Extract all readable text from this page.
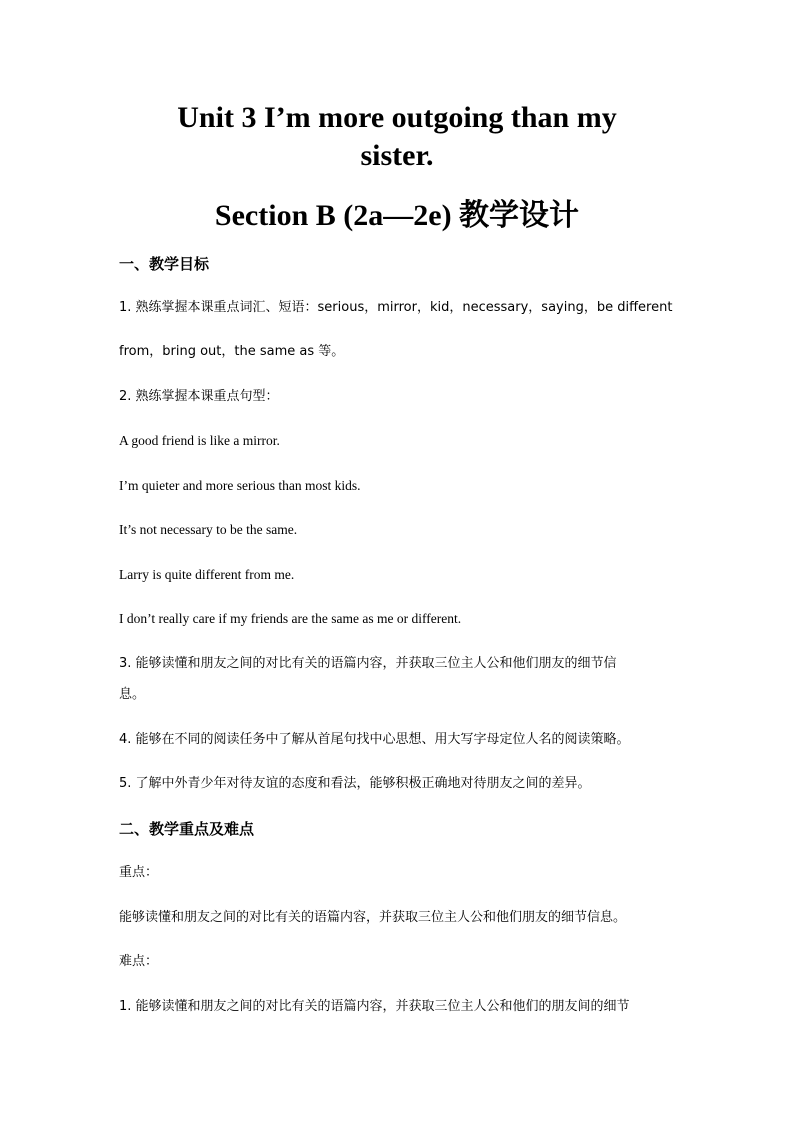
Unit 3 I’m more outgoing than my
sister.
Section B (2a—2e) 教学设计
一、教学目标
1. 熟练掌握本课重点词汇、短语：serious，mirror，kid，necessary，saying，be different
from，bring out，the same as 等。
2. 熟练掌握本课重点句型：
A good friend is like a mirror.
I’m quieter and more serious than most kids.
It’s not necessary to be the same.
Larry is quite different from me.
I don’t really care if my friends are the same as me or different.
3. 能够读懂和朋友之间的对比有关的语篇内容，并获取三位主人公和他们朋友的细节信
息。
4. 能够在不同的阅读任务中了解从首尾句找中心思想、用大写字母定位人名的阅读策略。
5. 了解中外青少年对待友谊的态度和看法，能够积极正确地对待朋友之间的差异。
二、教学重点及难点
重点：
能够读懂和朋友之间的对比有关的语篇内容，并获取三位主人公和他们朋友的细节信息。
难点：
1. 能够读懂和朋友之间的对比有关的语篇内容，并获取三位主人公和他们的朋友间的细节
